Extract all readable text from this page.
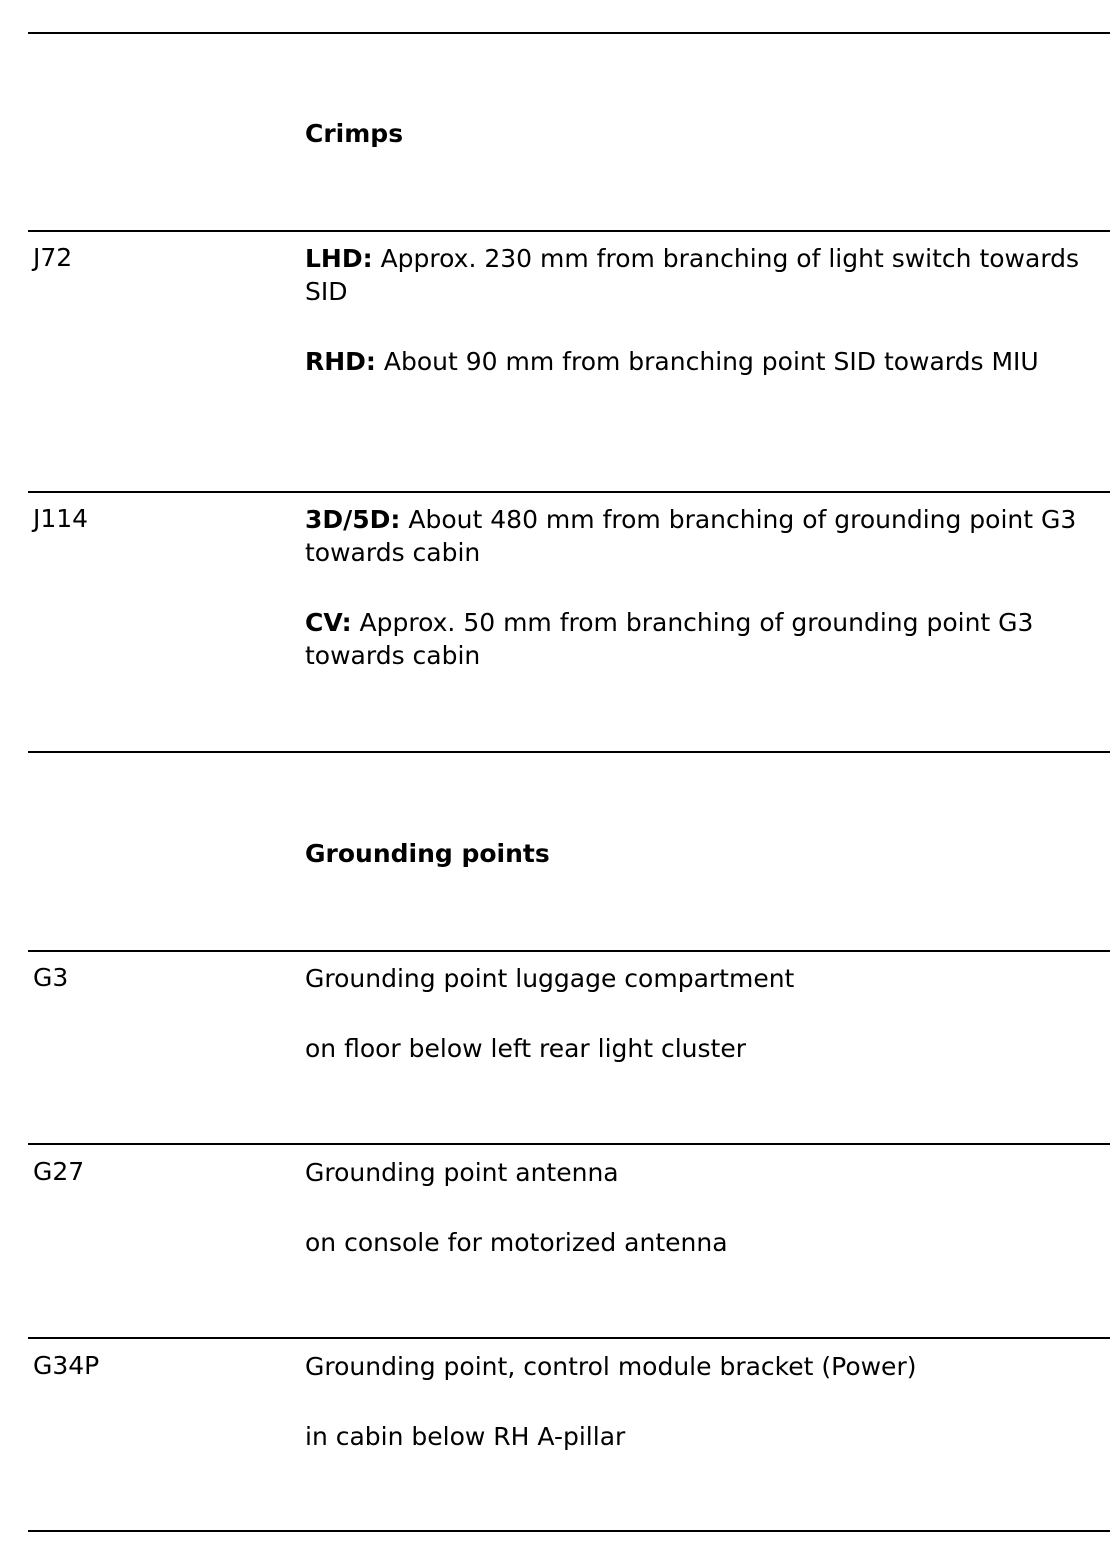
Crimps
J72	LHD: Approx. 230 mm from branching of light switch towards SID
RHD: About 90 mm from branching point SID towards MIU
J114	3D/5D: About 480 mm from branching of grounding point G3 towards cabin
CV: Approx. 50 mm from branching of grounding point G3 towards cabin
Grounding points
G3	Grounding point luggage compartment
on floor below left rear light cluster
G27	Grounding point antenna
on console for motorized antenna
G34P	Grounding point, control module bracket (Power)
in cabin below RH A-pillar
